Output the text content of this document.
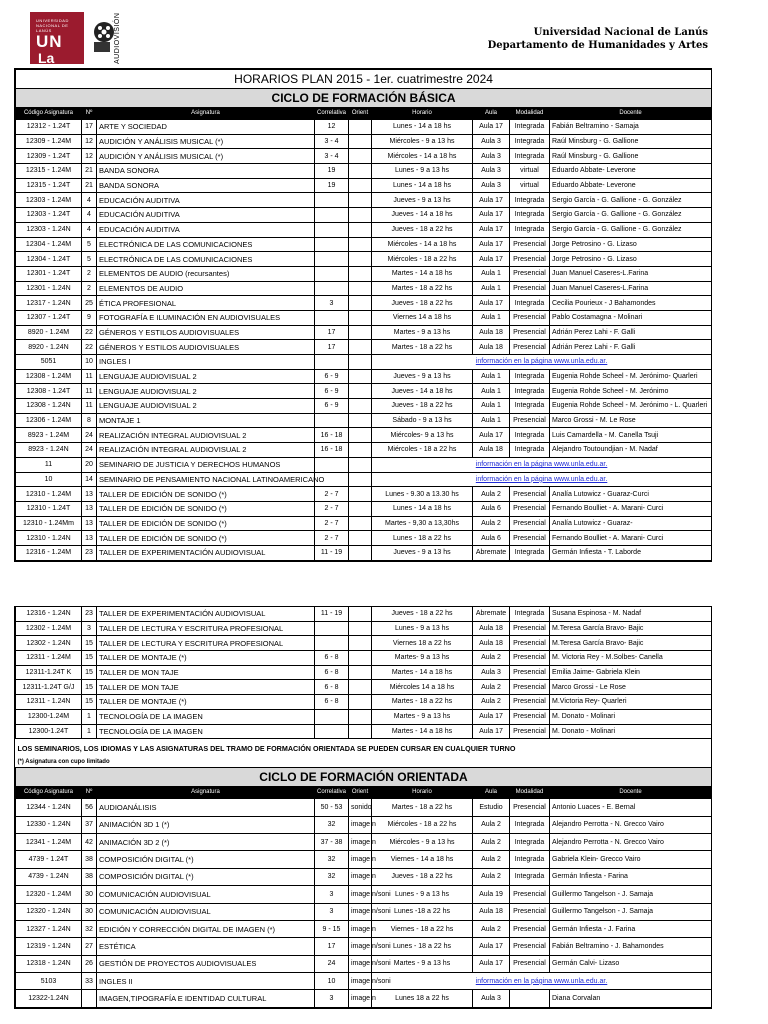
UNIVERSIDAD NACIONAL DE LANÚS
UN
La	AUDIOVISIÓN	Universidad Nacional de Lanús
Departamento de Humanidades y Artes
HORARIOS PLAN 2015 - 1er. cuatrimestre 2024								
CICLO DE FORMACIÓN BÁSICA								
Código Asignatura	Nº	Asignatura	Correlativa	Orient	Horario	Aula	Modalidad	Docente
12312 - 1.24T	17	ARTE Y SOCIEDAD	12		Lunes - 14 a 18 hs	Aula 17	Integrada	Fabián Beltramino - Samaja
12309 - 1.24M	12	AUDICIÓN Y ANÁLISIS MUSICAL (*)	3 - 4		Miércoles - 9 a 13 hs	Aula 3	Integrada	Raúl Minsburg - G. Gallione
12309 - 1.24T	12	AUDICIÓN Y ANÁLISIS MUSICAL (*)	3 - 4		Miércoles - 14 a 18 hs	Aula 3	Integrada	Raúl Minsburg - G. Gallione
12315 - 1.24M	21	BANDA SONORA	19		Lunes - 9 a 13 hs	Aula 3	virtual	Eduardo Abbate- Leverone
12315 - 1.24T	21	BANDA SONORA	19		Lunes - 14 a 18 hs	Aula 3	virtual	Eduardo Abbate- Leverone
12303 - 1.24M	4	EDUCACIÓN AUDITIVA			Jueves - 9 a 13 hs	Aula 17	Integrada	Sergio García - G. Gallione - G. González
12303 - 1.24T	4	EDUCACIÓN AUDITIVA			Jueves - 14 a 18 hs	Aula 17	Integrada	Sergio García - G. Gallione - G. González
12303 - 1.24N	4	EDUCACIÓN AUDITIVA			Jueves - 18 a 22 hs	Aula 17	Integrada	Sergio García - G. Gallione - G. González
12304 - 1.24M	5	ELECTRÓNICA DE LAS COMUNICACIONES			Miércoles - 14 a 18 hs	Aula 17	Presencial	Jorge Petrosino - G. Lizaso
12304 - 1.24T	5	ELECTRÓNICA DE LAS COMUNICACIONES			Miércoles - 18 a 22 hs	Aula 17	Presencial	Jorge Petrosino - G. Lizaso
12301 - 1.24T	2	ELEMENTOS DE AUDIO (recursantes)			Martes - 14 a 18 hs	Aula 1	Presencial	Juan Manuel Caseres-L.Farina
12301 - 1.24N	2	ELEMENTOS DE AUDIO			Martes - 18 a 22 hs	Aula 1	Presencial	Juan Manuel Caseres-L.Farina
12317 - 1.24N	25	ÉTICA PROFESIONAL	3		Jueves - 18 a 22 hs	Aula 17	Integrada	Cecilia Pourieux - J Bahamondes
12307 - 1.24T	9	FOTOGRAFÍA E ILUMINACIÓN EN AUDIOVISUALES			Viernes 14 a 18 hs	Aula 1	Presencial	Pablo Costamagna - Molinari
8920 - 1.24M	22	GÉNEROS Y ESTILOS AUDIOVISUALES	17		Martes - 9 a 13 hs	Aula 18	Presencial	Adrián Perez Lahi - F. Galli
8920 - 1.24N	22	GÉNEROS Y ESTILOS AUDIOVISUALES	17		Martes - 18 a 22 hs	Aula 18	Presencial	Adrián Perez Lahi - F. Galli
5051	10	INGLES I			información en la página www.unla.edu.ar.			
12308 - 1.24M	11	LENGUAJE AUDIOVISUAL 2	6 - 9		Jueves - 9 a 13 hs	Aula 1	Integrada	Eugenia Rohde Scheel - M. Jerónimo- Quarleri
12308 - 1.24T	11	LENGUAJE AUDIOVISUAL 2	6 - 9		Jueves - 14 a 18 hs	Aula 1	Integrada	Eugenia Rohde Scheel - M. Jerónimo
12308 - 1.24N	11	LENGUAJE AUDIOVISUAL 2	6 - 9		Jueves - 18 a 22 hs	Aula 1	Integrada	Eugenia Rohde Scheel - M. Jerónimo - L. Quarleri
12306 - 1.24M	8	MONTAJE 1			Sábado - 9 a 13 hs	Aula 1	Presencial	Marco Grossi - M. Le Rose
8923 - 1.24M	24	REALIZACIÓN INTEGRAL AUDIOVISUAL 2	16 - 18		Miércoles- 9 a 13 hs	Aula 17	Integrada	Luis Camardella - M. Canella Tsuji
8923 - 1.24N	24	REALIZACIÓN INTEGRAL AUDIOVISUAL 2	16 - 18		Miércoles - 18 a 22 hs	Aula 18	Integrada	Alejandro Toutoundjian - M. Nadaf
11	20	SEMINARIO DE JUSTICIA Y DERECHOS HUMANOS			información en la página www.unla.edu.ar.			
10	14	SEMINARIO DE PENSAMIENTO NACIONAL LATINOAMERICANO			información en la página www.unla.edu.ar.			
12310 - 1.24M	13	TALLER DE EDICIÓN DE SONIDO (*)	2 - 7		Lunes - 9.30 a 13.30 hs	Aula 2	Presencial	Analía Lutowicz - Guaraz-Curci
12310 - 1.24T	13	TALLER DE EDICIÓN DE SONIDO (*)	2 - 7		Lunes - 14 a 18 hs	Aula 6	Presencial	Fernando Boulliet - A. Marani- Curci
12310 - 1.24Mm	13	TALLER DE EDICIÓN DE SONIDO (*)	2 - 7		Martes - 9,30 a 13,30hs	Aula 2	Presencial	Analía Lutowicz - Guaraz-
12310 - 1.24N	13	TALLER DE EDICIÓN DE SONIDO (*)	2 - 7		Lunes - 18 a 22 hs	Aula 6	Presencial	Fernando Boulliet - A. Marani- Curci
12316 - 1.24M	23	TALLER DE EXPERIMENTACIÓN AUDIOVISUAL	11 - 19		Jueves - 9 a 13 hs	Abremate	Integrada	Germán Infiesta - T. Laborde
12316 - 1.24N	23	TALLER DE EXPERIMENTACIÓN AUDIOVISUAL	11 - 19		Jueves - 18 a 22 hs	Abremate	Integrada	Susana Espinosa - M. Nadaf
12302 - 1.24M	3	TALLER DE LECTURA Y ESCRITURA PROFESIONAL			Lunes - 9 a 13 hs	Aula 18	Presencial	M.Teresa García Bravo- Bajic
12302 - 1.24N	15	TALLER DE LECTURA Y ESCRITURA PROFESIONAL			Viernes 18 a 22 hs	Aula 18	Presencial	M.Teresa García Bravo- Bajic
12311 - 1.24M	15	TALLER DE MONTAJE (*)	6 - 8		Martes- 9 a 13 hs	Aula 2	Presencial	M. Victoria Rey - M.Solbes- Canella
12311-1.24T K	15	TALLER DE MON TAJE	6 - 8		Martes - 14 a 18 hs	Aula 3	Presencial	Emilia Jaime- Gabriela Klein
12311-1.24T G/J	15	TALLER DE MON TAJE	6 - 8		Miércoles 14 a 18 hs	Aula 2	Presencial	Marco Grossi - Le Rose
12311 - 1.24N	15	TALLER DE MONTAJE (*)	6 - 8		Martes - 18 a 22 hs	Aula 2	Presencial	M.Victoria Rey- Quarleri
12300-1.24M	1	TECNOLOGÍA DE LA IMAGEN			Martes - 9 a 13 hs	Aula 17	Presencial	M. Donato - Molinari
12300-1.24T	1	TECNOLOGÍA DE LA IMAGEN			Martes - 14 a 18 hs	Aula 17	Presencial	M. Donato - Molinari
LOS SEMINARIOS, LOS IDIOMAS Y LAS ASIGNATURAS DEL TRAMO DE FORMACIÓN ORIENTADA SE PUEDEN CURSAR EN CUALQUIER TURNO								
(*) Asignatura con cupo limitado								
CICLO DE FORMACIÓN ORIENTADA								
Código Asignatura	Nº	Asignatura	Correlativa	Orient	Horario	Aula	Modalidad	Docente
12344 - 1.24N	56	AUDIOANÁLISIS	50 - 53	sonido	Martes - 18 a 22 hs	Estudio	Presencial	Antonio Luaces - E. Bernal
12330 - 1.24N	37	ANIMACIÓN 3D 1 (*)	32	image n	Miércoles - 18 a 22 hs	Aula 2	Integrada	Alejandro Perrotta - N. Grecco Vairo
12341 - 1.24M	42	ANIMACIÓN 3D 2 (*)	37 - 38	image n	Miércoles - 9 a 13 hs	Aula 2	Integrada	Alejandro Perrotta - N. Grecco Vairo
4739 - 1.24T	38	COMPOSICIÓN DIGITAL (*)	32	image n	Viernes - 14 a 18 hs	Aula 2	Integrada	Gabriela Klein- Grecco Vairo
4739 - 1.24N	38	COMPOSICIÓN DIGITAL (*)	32	image n	Jueves - 18 a 22 hs	Aula 2	Integrada	Germán Infiesta - Farina
12320 - 1.24M	30	COMUNICACIÓN AUDIOVISUAL	3	image n/soni	Lunes - 9 a 13 hs	Aula 19	Presencial	Guillermo Tangelson - J. Samaja
12320 - 1.24N	30	COMUNICACIÓN AUDIOVISUAL	3	image n/soni	Lunes -18 a 22 hs	Aula 18	Presencial	Guillermo Tangelson - J. Samaja
12327 - 1.24N	32	EDICIÓN Y CORRECCIÓN DIGITAL DE IMAGEN (*)	9 - 15	image n	Viernes - 18 a 22 hs	Aula 2	Presencial	Germán Infiesta - J. Farina
12319 - 1.24N	27	ESTÉTICA	17	image n/soni	Lunes - 18 a 22 hs	Aula 17	Presencial	Fabián Beltramino - J. Bahamondes
12318 - 1.24N	26	GESTIÓN DE PROYECTOS AUDIOVISUALES	24	image n/soni	Martes - 9 a 13 hs	Aula 17	Presencial	Germán Calvi- Lizaso
5103	33	INGLES II	10	image n/soni	información en la página www.unla.edu.ar.			
12322-1.24N		IMAGEN,TIPOGRAFÍA E IDENTIDAD CULTURAL	3	image n	Lunes 18 a 22 hs	Aula 3		Diana Corvalan
